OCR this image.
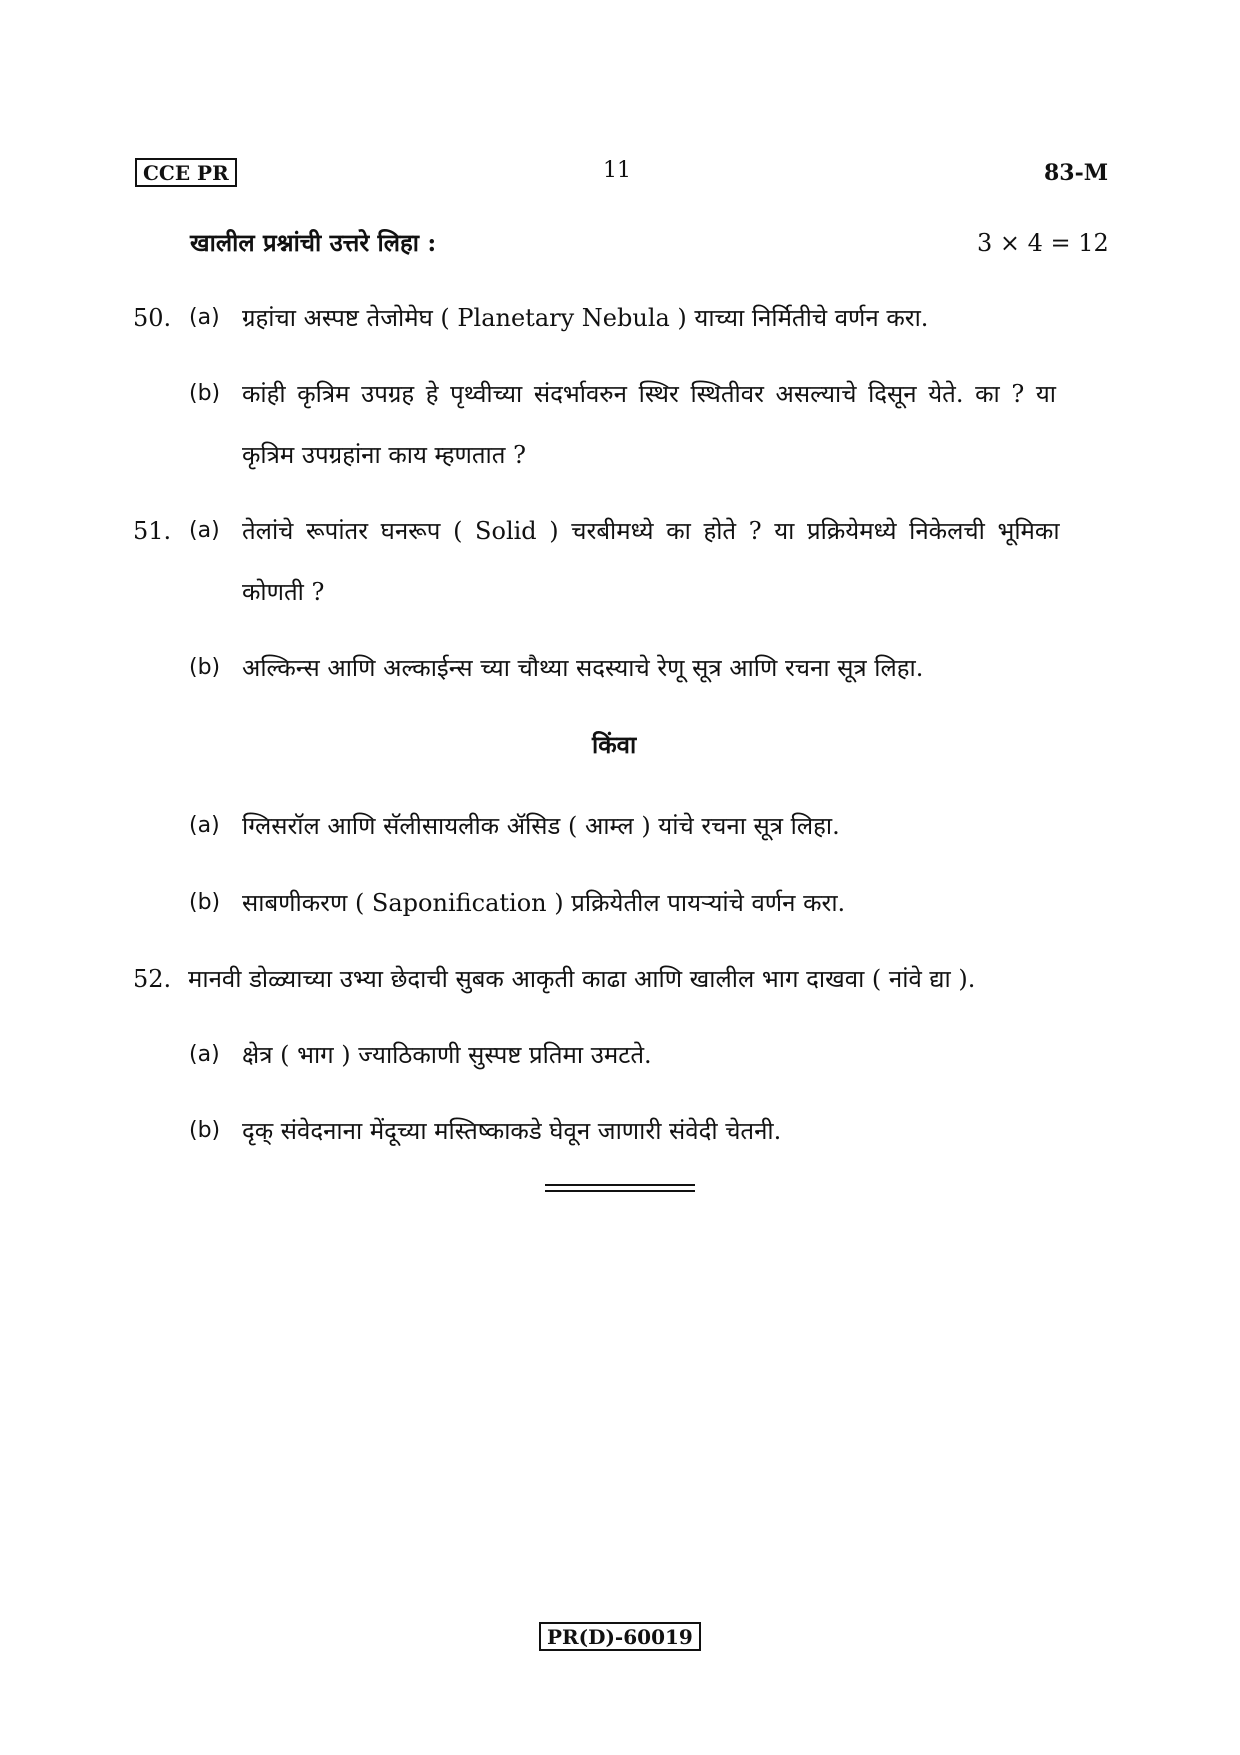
CCE PR	11	83-M
खालील प्रश्नांची उत्तरे लिहा :	3 × 4 = 12
50. (a) ग्रहांचा अस्पष्ट तेजोमेघ ( Planetary Nebula ) याच्या निर्मितीचे वर्णन करा.
(b) कांही कृत्रिम उपग्रह हे पृथ्वीच्या संदर्भावरुन स्थिर स्थितीवर असल्याचे दिसून येते. का ? या
कृत्रिम उपग्रहांना काय म्हणतात ?
51. (a) तेलांचे रूपांतर घनरूप ( Solid ) चरबीमध्ये का होते ? या प्रक्रियेमध्ये निकेलची भूमिका
कोणती ?
(b) अल्किन्स आणि अल्काईन्स च्या चौथ्या सदस्याचे रेणू सूत्र आणि रचना सूत्र लिहा.
किंवा
(a) ग्लिसरॉल आणि सॅलीसायलीक ॲसिड ( आम्ल ) यांचे रचना सूत्र लिहा.
(b) साबणीकरण ( Saponification ) प्रक्रियेतील पायऱ्यांचे वर्णन करा.
52. मानवी डोळ्याच्या उभ्या छेदाची सुबक आकृती काढा आणि खालील भाग दाखवा ( नांवे द्या ).
(a) क्षेत्र ( भाग ) ज्याठिकाणी सुस्पष्ट प्रतिमा उमटते.
(b) दृक् संवेदनाना मेंदूच्या मस्तिष्काकडे घेवून जाणारी संवेदी चेतनी.
PR(D)-60019
